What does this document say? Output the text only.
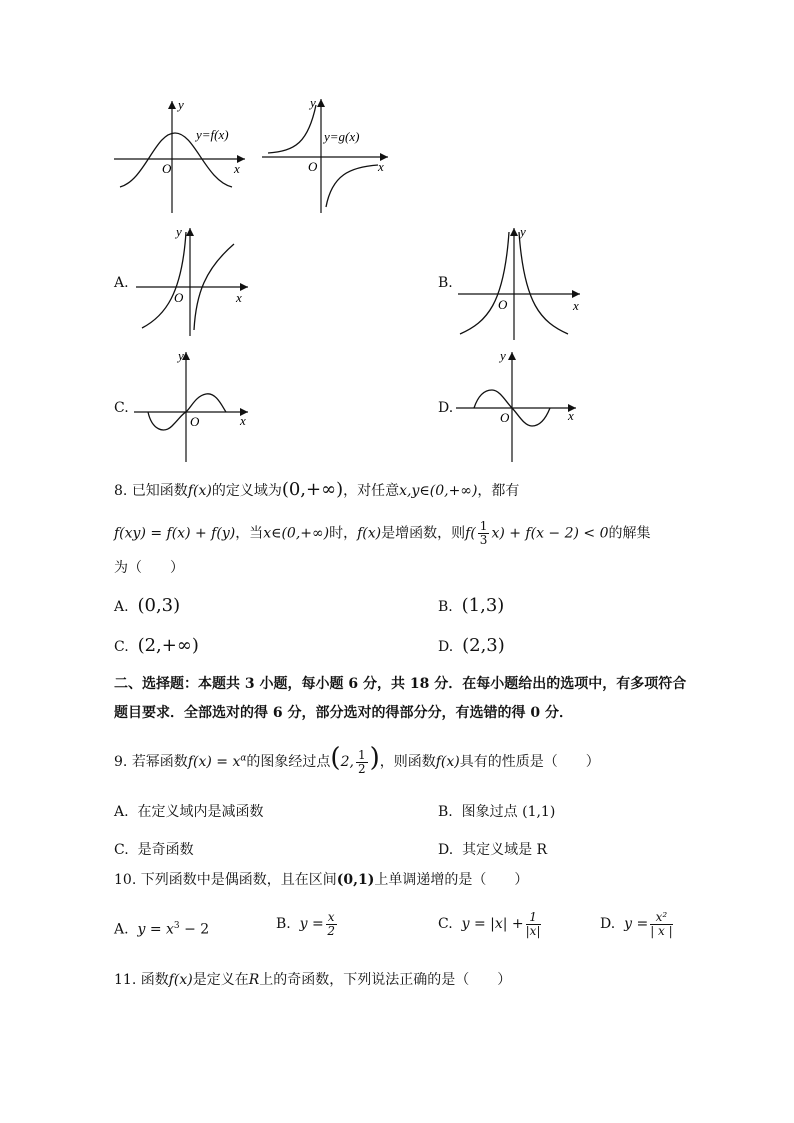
y
x
O
y=f(x)
y
x
O
y=g(x)
A.
y
x
O
B.
y
x
O
C.
y
x
O
D.
y
x
O
8. 已知函数f(x)的定义域为(0,+∞)，对任意x,y∈(0,+∞)，都有
f(xy) = f(x) + f(y)，当x∈(0,+∞)时，f(x)是增函数，则$f( \frac{1}{3} x) + f(x - 2) < 0$的解集
为（　　）
A. (0,3)	B. (1,3)
C. (2,+∞)	D. (2,3)
二、选择题：本题共 3 小题，每小题 6 分，共 18 分．在每小题给出的选项中，有多项符合
题目要求．全部选对的得 6 分，部分选对的得部分分，有选错的得 0 分．
9. 若幂函数$f(x) = x^\alpha$的图象经过点(2, $\frac{1}{2}$ )，则函数f(x)具有的性质是（　　）
A. 在定义域内是减函数	B. 图象过点 (1,1)
C. 是奇函数	D. 其定义域是 R
10. 下列函数中是偶函数，且在区间(0,1)上单调递增的是（　　）
A. $y = x^3 - 2$	B. $y = \frac{x}{2}$	C. $y = |x| + \frac{1}{|x|}$	D. $y = \frac{\text{x²}}{| x |}$
11. 函数f(x)是定义在R上的奇函数，下列说法正确的是（　　）
